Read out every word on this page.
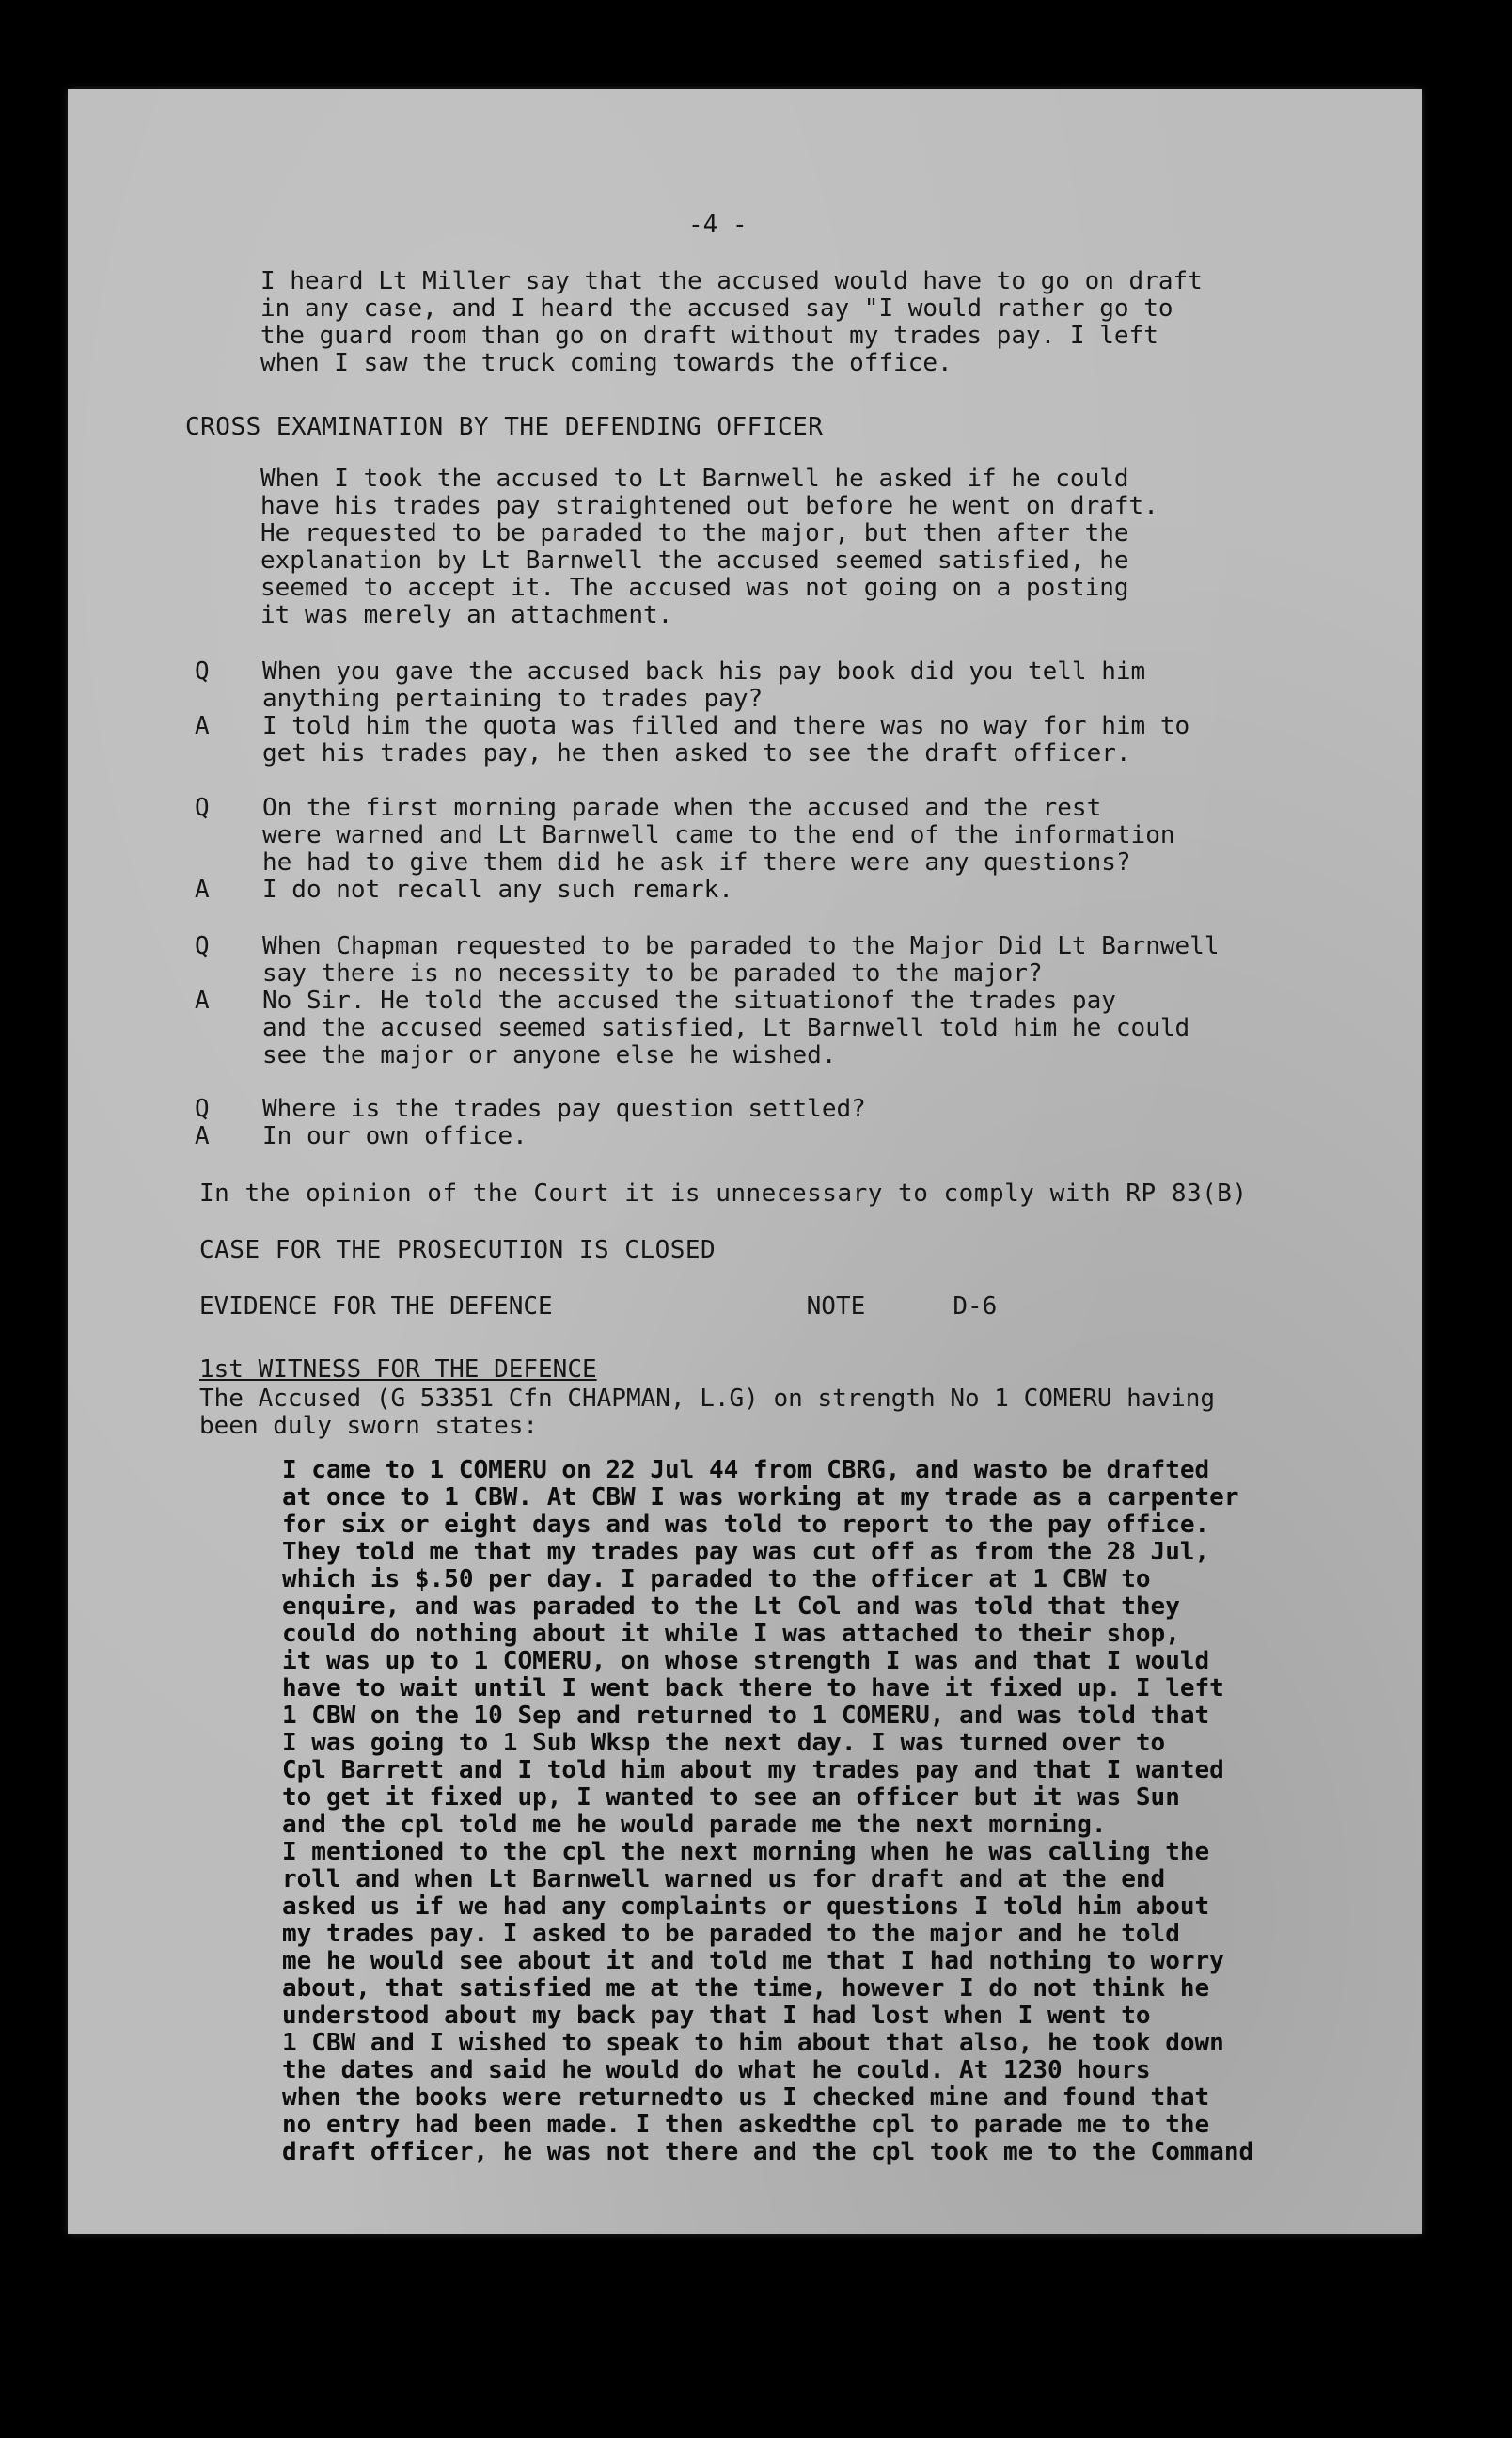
-4 -
I heard Lt Miller say that the accused would have to go on draft
in any case, and I heard the accused say "I would rather go to
the guard room than go on draft without my trades pay. I left
when I saw the truck coming towards the office.
CROSS EXAMINATION BY THE DEFENDING OFFICER
When I took the accused to Lt Barnwell he asked if he could
have his trades pay straightened out before he went on draft.
He requested to be paraded to the major, but then after the
explanation by Lt Barnwell the accused seemed satisfied, he
seemed to accept it. The accused was not going on a posting
it was merely an attachment.
Q	When you gave the accused back his pay book did you tell him
anything pertaining to trades pay?
A	I told him the quota was filled and there was no way for him to
get his trades pay, he then asked to see the draft officer.
Q	On the first morning parade when the accused and the rest
were warned and Lt Barnwell came to the end of the information
he had to give them did he ask if there were any questions?
A	I do not recall any such remark.
Q	When Chapman requested to be paraded to the Major Did Lt Barnwell
say there is no necessity to be paraded to the major?
A	No Sir. He told the accused the situationof the trades pay
and the accused seemed satisfied, Lt Barnwell told him he could
see the major or anyone else he wished.
Q	Where is the trades pay question settled?
A	In our own office.
In the opinion of the Court it is unnecessary to comply with RP 83(B)
CASE FOR THE PROSECUTION IS CLOSED
EVIDENCE FOR THE DEFENCE	NOTE	D-6
1st WITNESS FOR THE DEFENCE
The Accused (G 53351 Cfn CHAPMAN, L.G) on strength No 1 COMERU having
been duly sworn states:
I came to 1 COMERU on 22 Jul 44 from CBRG, and wasto be drafted
at once to 1 CBW. At CBW I was working at my trade as a carpenter
for six or eight days and was told to report to the pay office.
They told me that my trades pay was cut off as from the 28 Jul,
which is $.50 per day. I paraded to the officer at 1 CBW to
enquire, and was paraded to the Lt Col and was told that they
could do nothing about it while I was attached to their shop,
it was up to 1 COMERU, on whose strength I was and that I would
have to wait until I went back there to have it fixed up. I left
1 CBW on the 10 Sep and returned to 1 COMERU, and was told that
I was going to 1 Sub Wksp the next day. I was turned over to
Cpl Barrett and I told him about my trades pay and that I wanted
to get it fixed up, I wanted to see an officer but it was Sun
and the cpl told me he would parade me the next morning.
I mentioned to the cpl the next morning when he was calling the
roll and when Lt Barnwell warned us for draft and at the end
asked us if we had any complaints or questions I told him about
my trades pay. I asked to be paraded to the major and he told
me he would see about it and told me that I had nothing to worry
about, that satisfied me at the time, however I do not think he
understood about my back pay that I had lost when I went to
1 CBW and I wished to speak to him about that also, he took down
the dates and said he would do what he could. At 1230 hours
when the books were returnedto us I checked mine and found that
no entry had been made. I then askedthe cpl to parade me to the
draft officer, he was not there and the cpl took me to the Command
